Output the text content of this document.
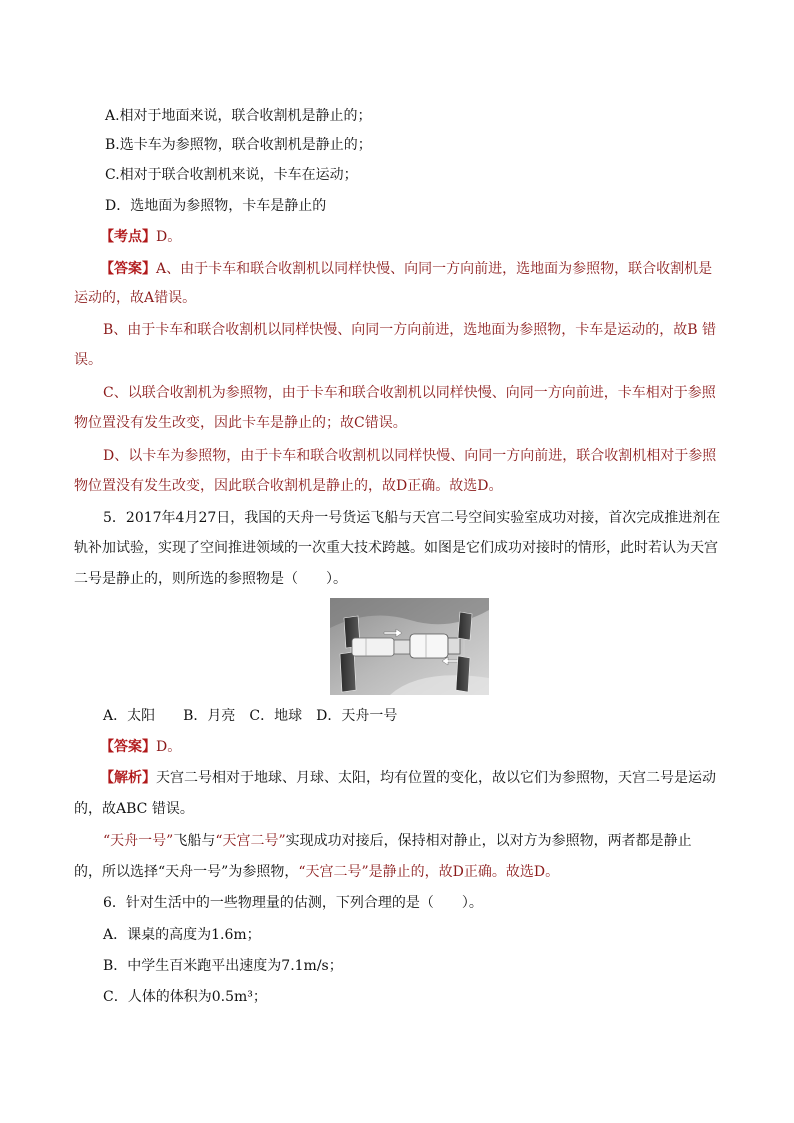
A.相对于地面来说，联合收割机是静止的；
B.选卡车为参照物，联合收割机是静止的；
C.相对于联合收割机来说，卡车在运动；
D．选地面为参照物，卡车是静止的
【考点】D。
【答案】A、由于卡车和联合收割机以同样快慢、向同一方向前进，选地面为参照物，联合收割机是
运动的，故A错误。
B、由于卡车和联合收割机以同样快慢、向同一方向前进，选地面为参照物，卡车是运动的，故B 错
误。
C、以联合收割机为参照物，由于卡车和联合收割机以同样快慢、向同一方向前进，卡车相对于参照
物位置没有发生改变，因此卡车是静止的；故C错误。
D、以卡车为参照物，由于卡车和联合收割机以同样快慢、向同一方向前进，联合收割机相对于参照
物位置没有发生改变，因此联合收割机是静止的，故D正确。故选D。
5．2017年4月27日，我国的天舟一号货运飞船与天宫二号空间实验室成功对接，首次完成推进剂在
轨补加试验，实现了空间推进领域的一次重大技术跨越。如图是它们成功对接时的情形，此时若认为天宫
二号是静止的，则所选的参照物是（　　）。
A．太阳　　B．月亮　C．地球　D．天舟一号
【答案】D。
【解析】天宫二号相对于地球、月球、太阳，均有位置的变化，故以它们为参照物，天宫二号是运动
的，故ABC 错误。
“天舟一号”飞船与“天宫二号”实现成功对接后，保持相对静止，以对方为参照物，两者都是静止
的，所以选择“天舟一号”为参照物，“天宫二号”是静止的，故D正确。故选D。
6．针对生活中的一些物理量的估测，下列合理的是（　　）。
A．课桌的高度为1.6m；
B．中学生百米跑平出速度为7.1m/s；
C．人体的体积为0.5m³；
